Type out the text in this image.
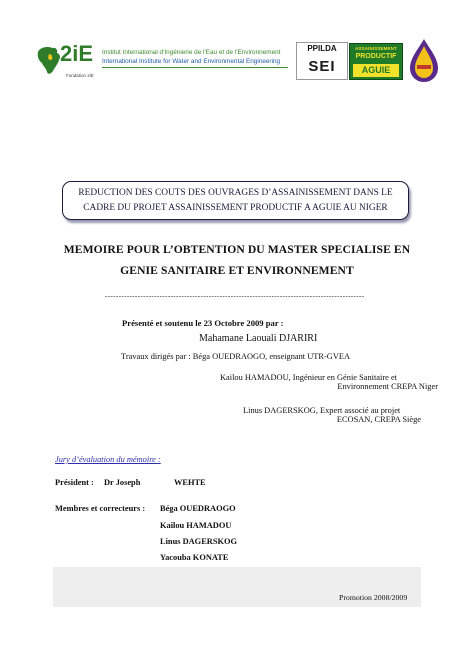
2iE Institut International d'Ingénierie de l'Eau et de l'Environnement
International Institute for Water and Environmental Engineering
Fondation 2iE
PPILDA
SEI
ASSAINISSEMENT
PRODUCTIF
AGUIE
REDUCTION DES COUTS DES OUVRAGES D’ASSAINISSEMENT DANS LE
CADRE DU PROJET ASSAINISSEMENT PRODUCTIF A AGUIE AU NIGER
MEMOIRE POUR L’OBTENTION DU MASTER SPECIALISE EN
GENIE SANITAIRE ET ENVIRONNEMENT
-----------------------------------------------------------------------------------------------
Présenté et soutenu le 23 Octobre 2009 par :
Mahamane Laouali DJARIRI
Travaux dirigés par : Béga OUEDRAOGO, enseignant UTR-GVEA
Kailou HAMADOU, Ingénieur en Génie Sanitaire et
Environnement CREPA Niger
Linus DAGERSKOG, Expert associé au projet
ECOSAN, CREPA Siège
Jury d’évaluation du mémoire :
Président : Dr Joseph	WEHTE
Membres et correcteurs : Béga OUEDRAOGO
Kailou HAMADOU
Linus DAGERSKOG
Yacouba KONATE
Promotion 2008/2009
